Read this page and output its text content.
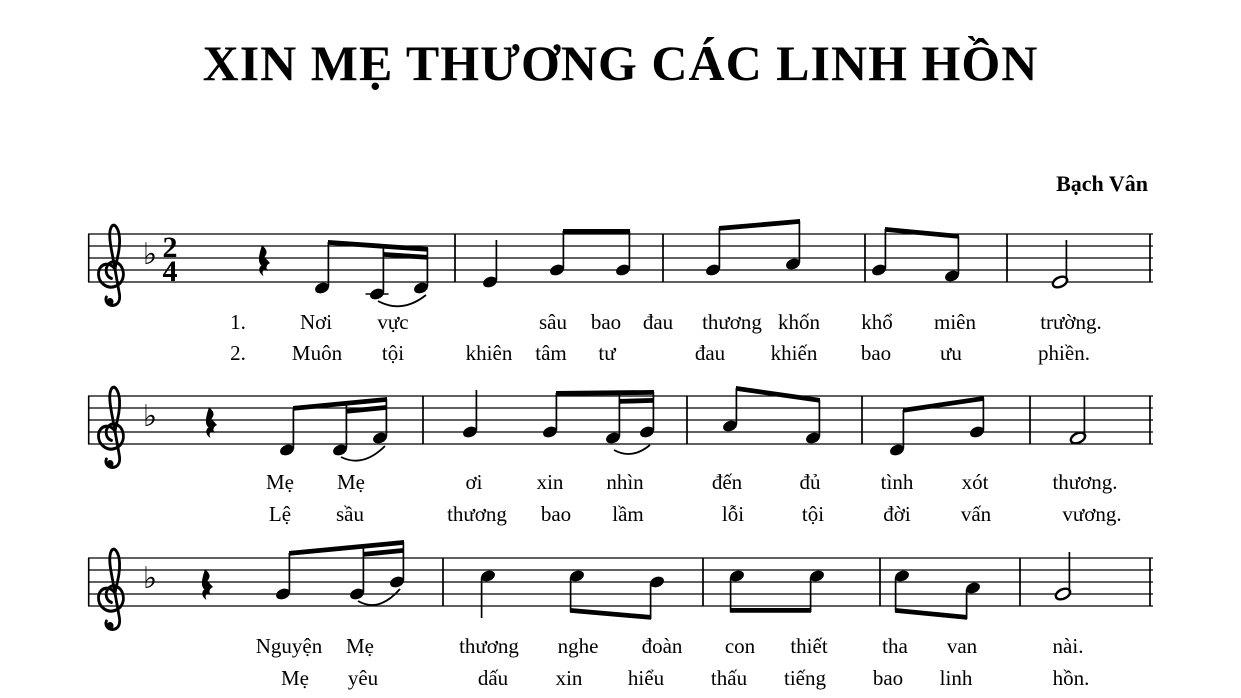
XIN MẸ THƯƠNG CÁC LINH HỒN
Bạch Vân
♭ 2
4
♭
♭
1.	Nơi vực	sâu bao đau thương khốn khổ miên	trường.
2. Muôn tội	khiên tâm tư	đau khiến bao ưu	phiền.
Mẹ Mẹ	ơi	xin nhìn	đến	đủ	tình xót	thương.
Lệ sầu	thương bao lầm	lỗi	tội	đời vấn	vương.
Nguyện Mẹ	thương nghe đoàn con thiết	tha van	nài.
Mẹ yêu	dấu xin hiểu thấu tiếng bao linh	hồn.
